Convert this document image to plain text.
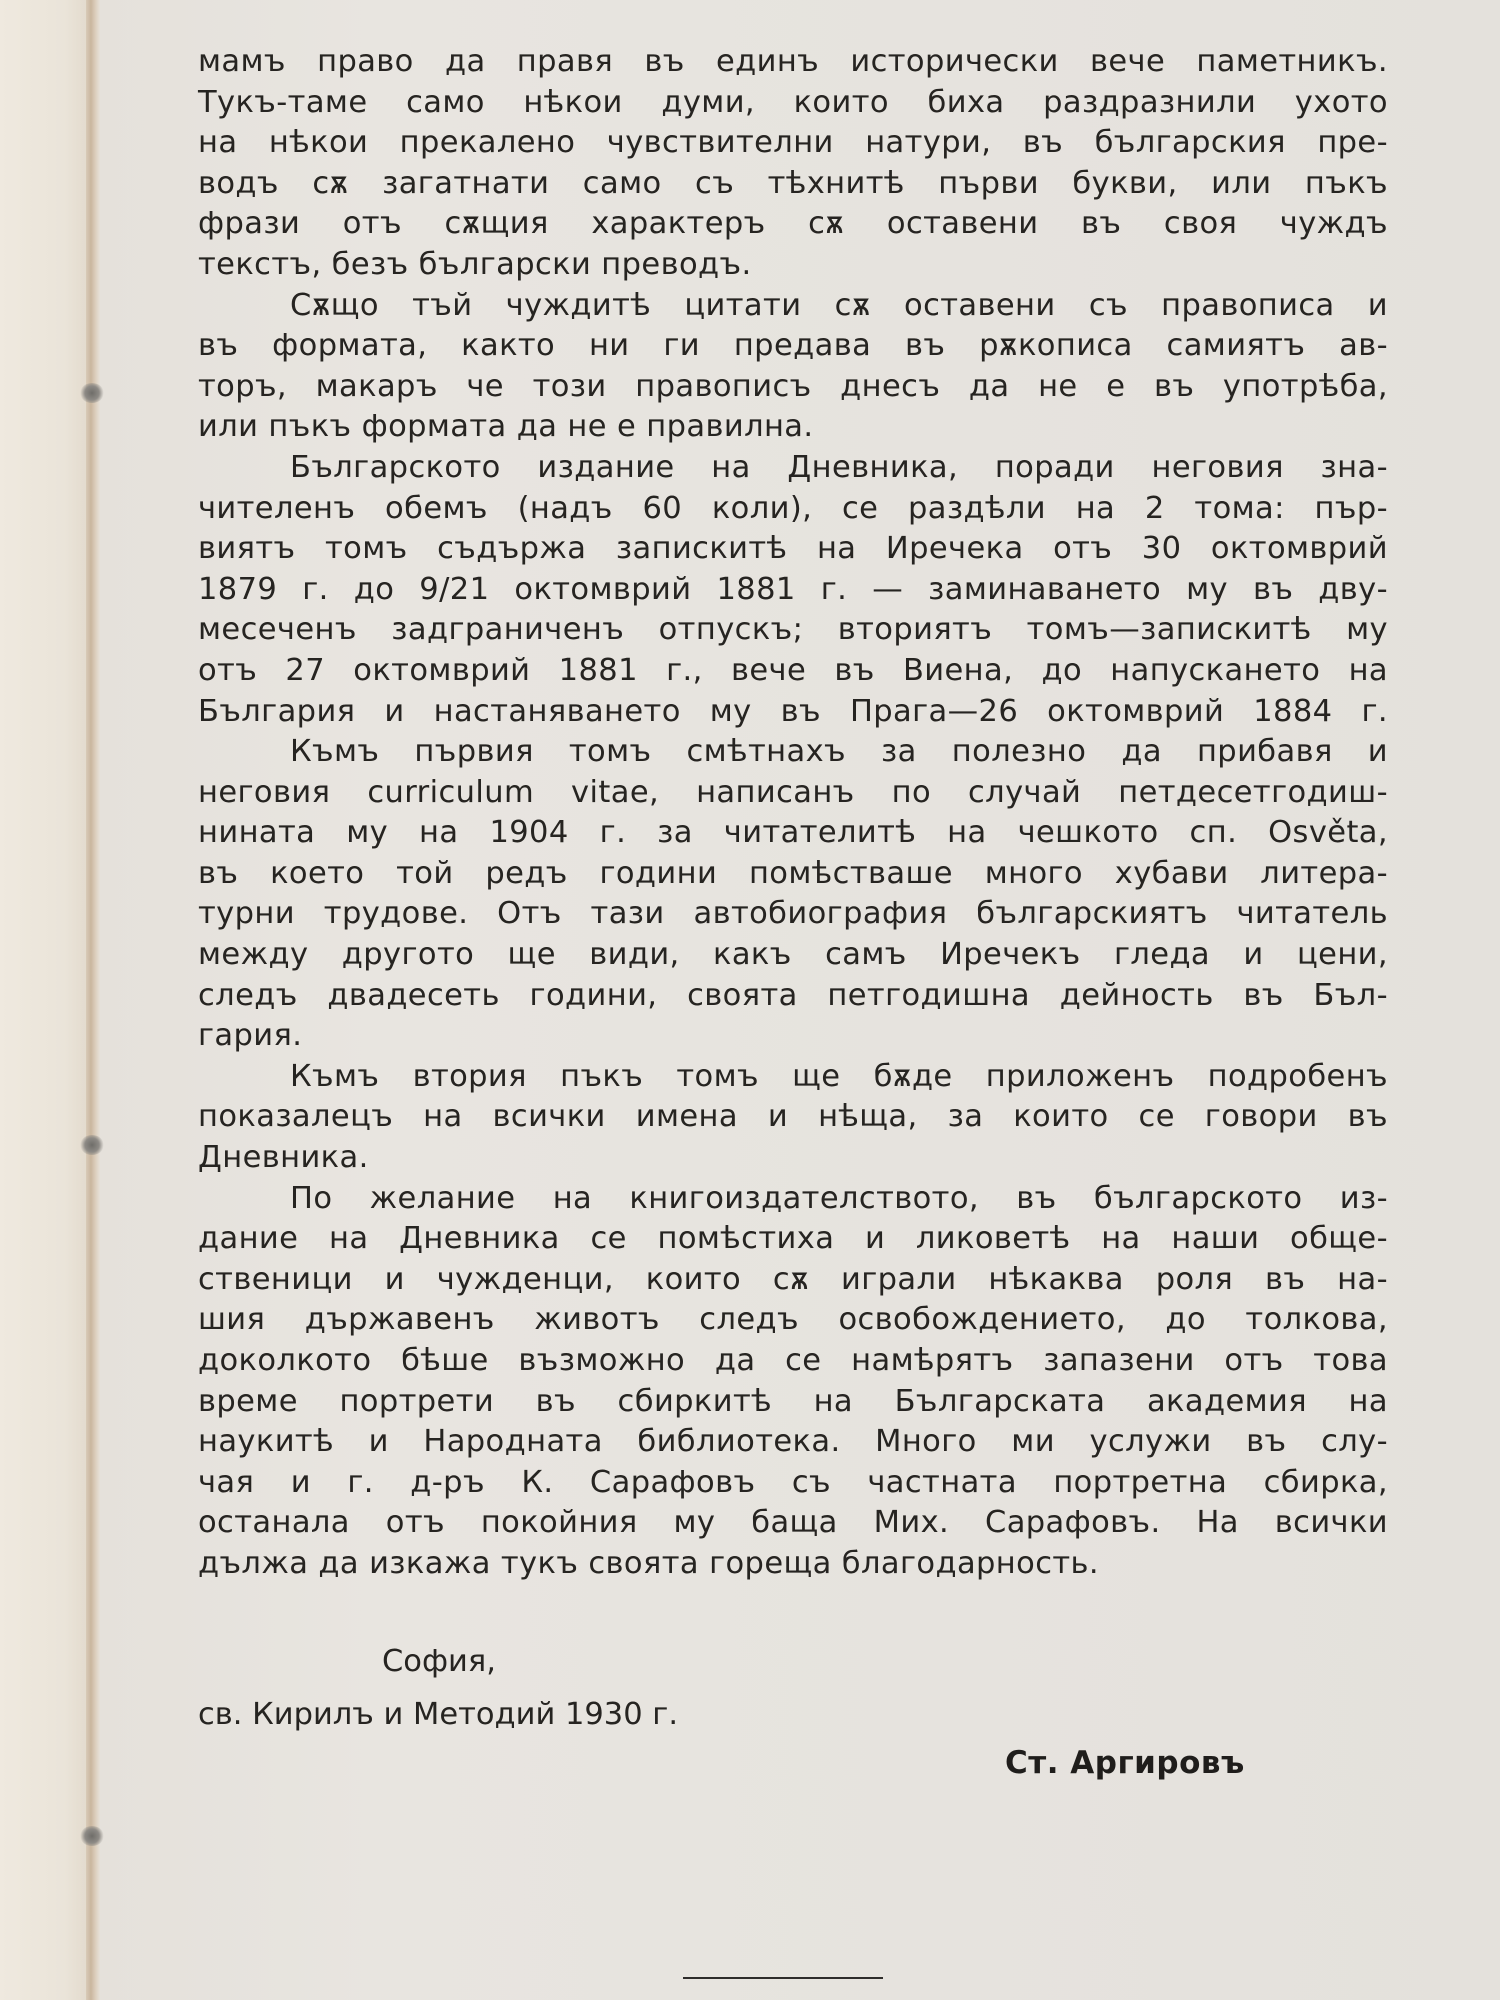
мамъ право да правя въ единъ исторически вече паметникъ.
Тукъ-таме само нѣкои думи, които биха раздразнили ухото
на нѣкои прекалено чувствителни натури, въ българския пре-
водъ сѫ загатнати само съ тѣхнитѣ първи букви, или пъкъ
фрази отъ сѫщия характеръ сѫ оставени въ своя чуждъ
текстъ, безъ български преводъ.
Сѫщо тъй чуждитѣ цитати сѫ оставени съ правописа и
въ формата, както ни ги предава въ рѫкописа самиятъ ав-
торъ, макаръ че този правописъ днесъ да не е въ употрѣба,
или пъкъ формата да не е правилна.
Българското издание на Дневника, поради неговия зна-
чителенъ обемъ (надъ 60 коли), се раздѣли на 2 тома: пър-
виятъ томъ съдържа запискитѣ на Иречека отъ 30 октомврий
1879 г. до 9/21 октомврий 1881 г. — заминаването му въ дву-
месеченъ задграниченъ отпускъ; вториятъ томъ—запискитѣ му
отъ 27 октомврий 1881 г., вече въ Виена, до напускането на
България и настаняването му въ Прага—26 октомврий 1884 г.
Къмъ първия томъ смѣтнахъ за полезно да прибавя и
неговия curriculum vitae, написанъ по случай петдесетгодиш-
нината му на 1904 г. за читателитѣ на чешкото сп. Osvěta,
въ което той редъ години помѣстваше много хубави литера-
турни трудове. Отъ тази автобиография българскиятъ читатель
между другото ще види, какъ самъ Иречекъ гледа и цени,
следъ двадесеть години, своята петгодишна дейность въ Бъл-
гария.
Къмъ втория пъкъ томъ ще бѫде приложенъ подробенъ
показалецъ на всички имена и нѣща, за които се говори въ
Дневника.
По желание на книгоиздателството, въ българското из-
дание на Дневника се помѣстиха и ликоветѣ на наши обще-
ственици и чужденци, които сѫ играли нѣкаква роля въ на-
шия държавенъ животъ следъ освобождението, до толкова,
доколкото бѣше възможно да се намѣрятъ запазени отъ това
време портрети въ сбиркитѣ на Българската академия на
наукитѣ и Народната библиотека. Много ми услужи въ слу-
чая и г. д-ръ К. Сарафовъ съ частната портретна сбирка,
останала отъ покойния му баща Мих. Сарафовъ. На всички
дължа да изкажа тукъ своята гореща благодарность.
София,
св. Кирилъ и Методий 1930 г.
Ст. Аргировъ
